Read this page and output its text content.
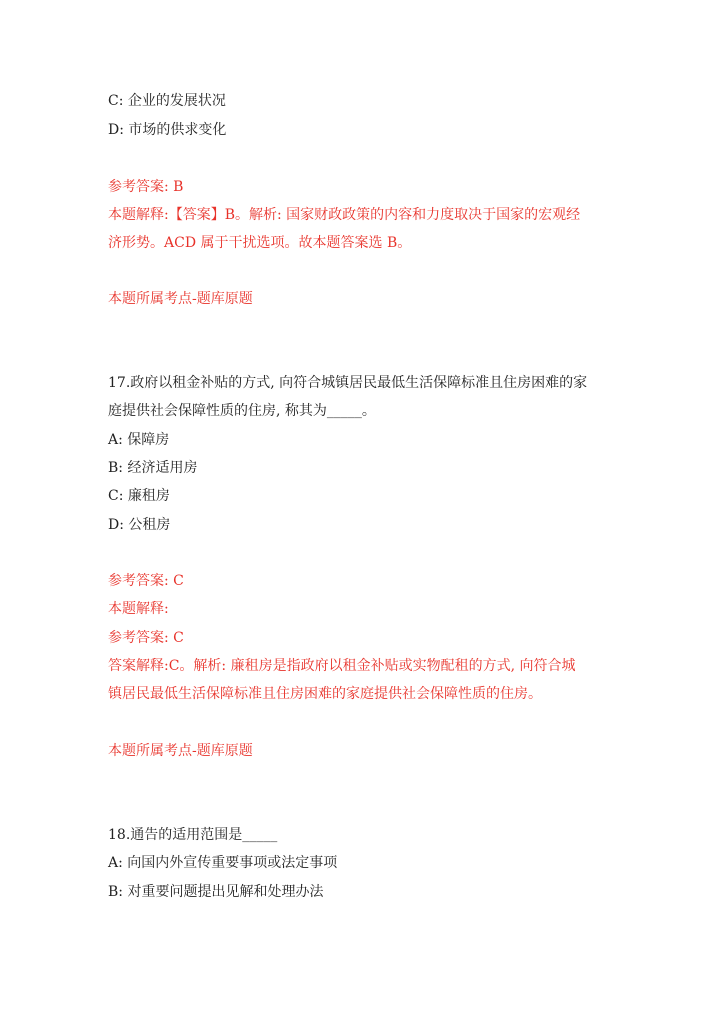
C: 企业的发展状况
D: 市场的供求变化
参考答案: B
本题解释:【答案】B。解析: 国家财政政策的内容和力度取决于国家的宏观经
济形势。ACD 属于干扰选项。故本题答案选 B。
本题所属考点-题库原题
17.政府以租金补贴的方式, 向符合城镇居民最低生活保障标准且住房困难的家
庭提供社会保障性质的住房, 称其为_____。
A: 保障房
B: 经济适用房
C: 廉租房
D: 公租房
参考答案: C
本题解释:
参考答案: C
答案解释:C。解析: 廉租房是指政府以租金补贴或实物配租的方式, 向符合城
镇居民最低生活保障标准且住房困难的家庭提供社会保障性质的住房。
本题所属考点-题库原题
18.通告的适用范围是_____
A: 向国内外宣传重要事项或法定事项
B: 对重要问题提出见解和处理办法
